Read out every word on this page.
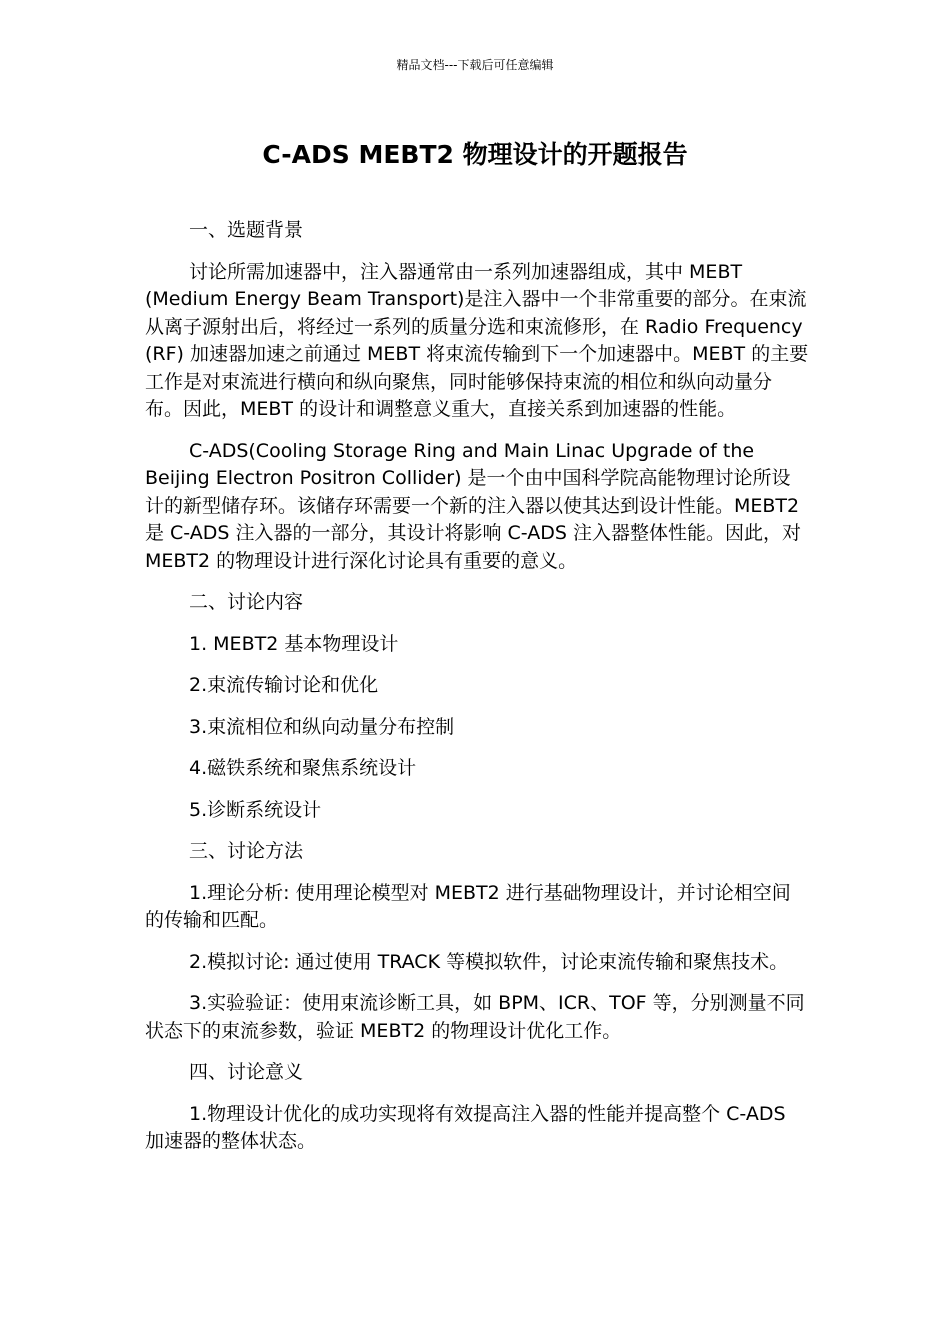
精品文档---下载后可任意编辑
C-ADS MEBT2 物理设计的开题报告

一、选题背景

讨论所需加速器中，注入器通常由一系列加速器组成，其中 MEBT (Medium Energy Beam Transport)是注入器中一个非常重要的部分。在束流从离子源射出后，将经过一系列的质量分选和束流修形，在 Radio Frequency (RF) 加速器加速之前通过 MEBT 将束流传输到下一个加速器中。MEBT 的主要工作是对束流进行横向和纵向聚焦，同时能够保持束流的相位和纵向动量分布。因此，MEBT 的设计和调整意义重大，直接关系到加速器的性能。

C-ADS(Cooling Storage Ring and Main Linac Upgrade of the Beijing Electron Positron Collider) 是一个由中国科学院高能物理讨论所设计的新型储存环。该储存环需要一个新的注入器以使其达到设计性能。MEBT2 是 C-ADS 注入器的一部分，其设计将影响 C-ADS 注入器整体性能。因此，对 MEBT2 的物理设计进行深化讨论具有重要的意义。

二、讨论内容

1. MEBT2 基本物理设计

2.束流传输讨论和优化

3.束流相位和纵向动量分布控制

4.磁铁系统和聚焦系统设计

5.诊断系统设计

三、讨论方法

1.理论分析: 使用理论模型对 MEBT2 进行基础物理设计，并讨论相空间的传输和匹配。

2.模拟讨论: 通过使用 TRACK 等模拟软件，讨论束流传输和聚焦技术。

3.实验验证：使用束流诊断工具，如 BPM、ICR、TOF 等，分别测量不同状态下的束流参数，验证 MEBT2 的物理设计优化工作。

四、讨论意义

1.物理设计优化的成功实现将有效提高注入器的性能并提高整个 C-ADS 加速器的整体状态。
